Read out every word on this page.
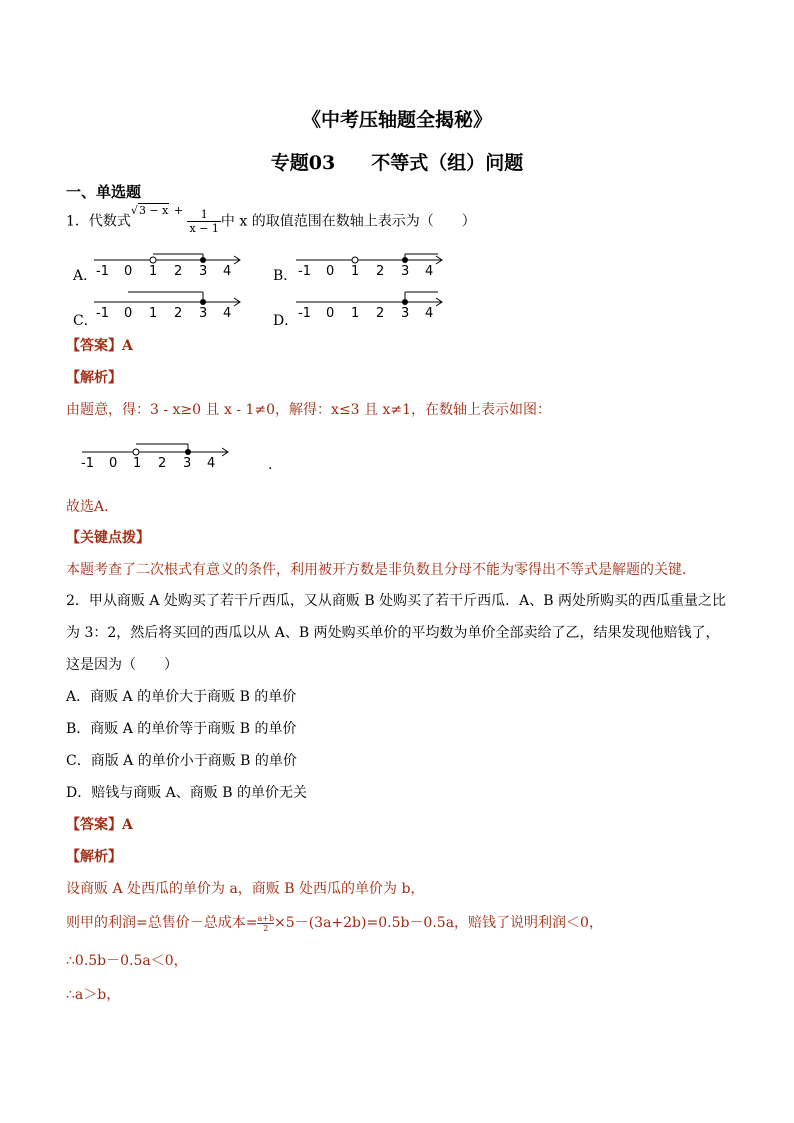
《中考压轴题全揭秘》
专题03 不等式（组）问题
一、单选题
1．代数式$^{√3 - x}$ $^+ \frac{1}{x - 1}$ 中 x 的取值范围在数轴上表示为（　　）
A．
-1 0 1 2 3 4	B． -1 0 1 2 3 4
C．
-1 0 1 2 3 4	D． -1 0 1 2 3 4
【答案】A
【解析】
由题意，得：3 - x≥0 且 x - 1≠0，解得：x≤3 且 x≠1，在数轴上表示如图：
-1 0 1 2 3 4	.
故选A．
【关键点拨】
本题考查了二次根式有意义的条件，利用被开方数是非负数且分母不能为零得出不等式是解题的关键．
2．甲从商贩 A 处购买了若干斤西瓜，又从商贩 B 处购买了若干斤西瓜．A、B 两处所购买的西瓜重量之比
为 3：2，然后将买回的西瓜以从 A、B 两处购买单价的平均数为单价全部卖给了乙，结果发现他赔钱了，
这是因为（　　）
A．商贩 A 的单价大于商贩 B 的单价
B．商贩 A 的单价等于商贩 B 的单价
C．商版 A 的单价小于商贩 B 的单价
D．赔钱与商贩 A、商贩 B 的单价无关
【答案】A
【解析】
设商贩 A 处西瓜的单价为 a，商贩 B 处西瓜的单价为 b，
则甲的利润=总售价－总成本= $\frac{a+b}{2}\times 5-(3a+2b)=0.5b-0.5a$，赔钱了说明利润＜0，
∴0.5b－0.5a＜0，
∴a＞b，
